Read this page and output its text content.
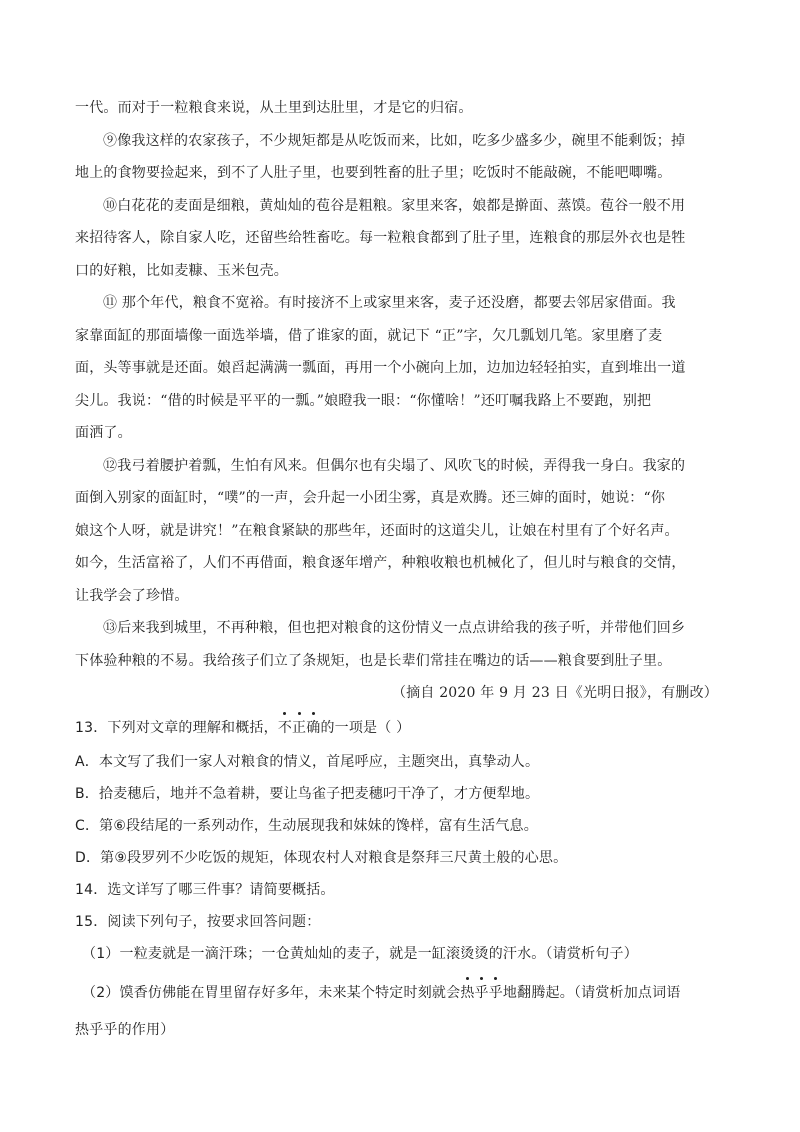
一代。而对于一粒粮食来说，从土里到达肚里，才是它的归宿。
⑨像我这样的农家孩子，不少规矩都是从吃饭而来，比如，吃多少盛多少，碗里不能剩饭；掉
地上的食物要捡起来，到不了人肚子里，也要到牲畜的肚子里；吃饭时不能敲碗，不能吧唧嘴。
⑩白花花的麦面是细粮，黄灿灿的苞谷是粗粮。家里来客，娘都是擀面、蒸馍。苞谷一般不用
来招待客人，除自家人吃，还留些给牲畜吃。每一粒粮食都到了肚子里，连粮食的那层外衣也是牲
口的好粮，比如麦糠、玉米包壳。
⑪ 那个年代，粮食不宽裕。有时接济不上或家里来客，麦子还没磨，都要去邻居家借面。我
家靠面缸的那面墙像一面选举墙，借了谁家的面，就记下 “正”字，欠几瓢划几笔。家里磨了麦
面，头等事就是还面。娘舀起满满一瓢面，再用一个小碗向上加，边加边轻轻拍实，直到堆出一道
尖儿。我说：“借的时候是平平的一瓢。”娘瞪我一眼：“你懂啥！”还叮嘱我路上不要跑，别把
面洒了。
⑫我弓着腰护着瓢，生怕有风来。但偶尔也有尖塌了、风吹飞的时候，弄得我一身白。我家的
面倒入别家的面缸时，“噗”的一声，会升起一小团尘雾，真是欢腾。还三婶的面时，她说：“你
娘这个人呀，就是讲究！”在粮食紧缺的那些年，还面时的这道尖儿，让娘在村里有了个好名声。
如今，生活富裕了，人们不再借面，粮食逐年增产，种粮收粮也机械化了，但儿时与粮食的交情，
让我学会了珍惜。
⑬后来我到城里，不再种粮，但也把对粮食的这份情义一点点讲给我的孩子听，并带他们回乡
下体验种粮的不易。我给孩子们立了条规矩，也是长辈们常挂在嘴边的话——粮食要到肚子里。
（摘自 2020 年 9 月 23 日《光明日报》，有删改）
13．下列对文章的理解和概括，不正确的一项是（ ）
A．本文写了我们一家人对粮食的情义，首尾呼应，主题突出，真挚动人。
B．拾麦穗后，地并不急着耕，要让鸟雀子把麦穗叼干净了，才方便犁地。
C．第⑥段结尾的一系列动作，生动展现我和妹妹的馋样，富有生活气息。
D．第⑨段罗列不少吃饭的规矩，体现农村人对粮食是祭拜三尺黄土般的心思。
14．选文详写了哪三件事？请简要概括。
15．阅读下列句子，按要求回答问题：
（1）一粒麦就是一滴汗珠；一仓黄灿灿的麦子，就是一缸滚烫烫的汗水。（请赏析句子）
（2）馍香仿佛能在胃里留存好多年，未来某个特定时刻就会热乎乎地翻腾起。（请赏析加点词语
热乎乎的作用）
